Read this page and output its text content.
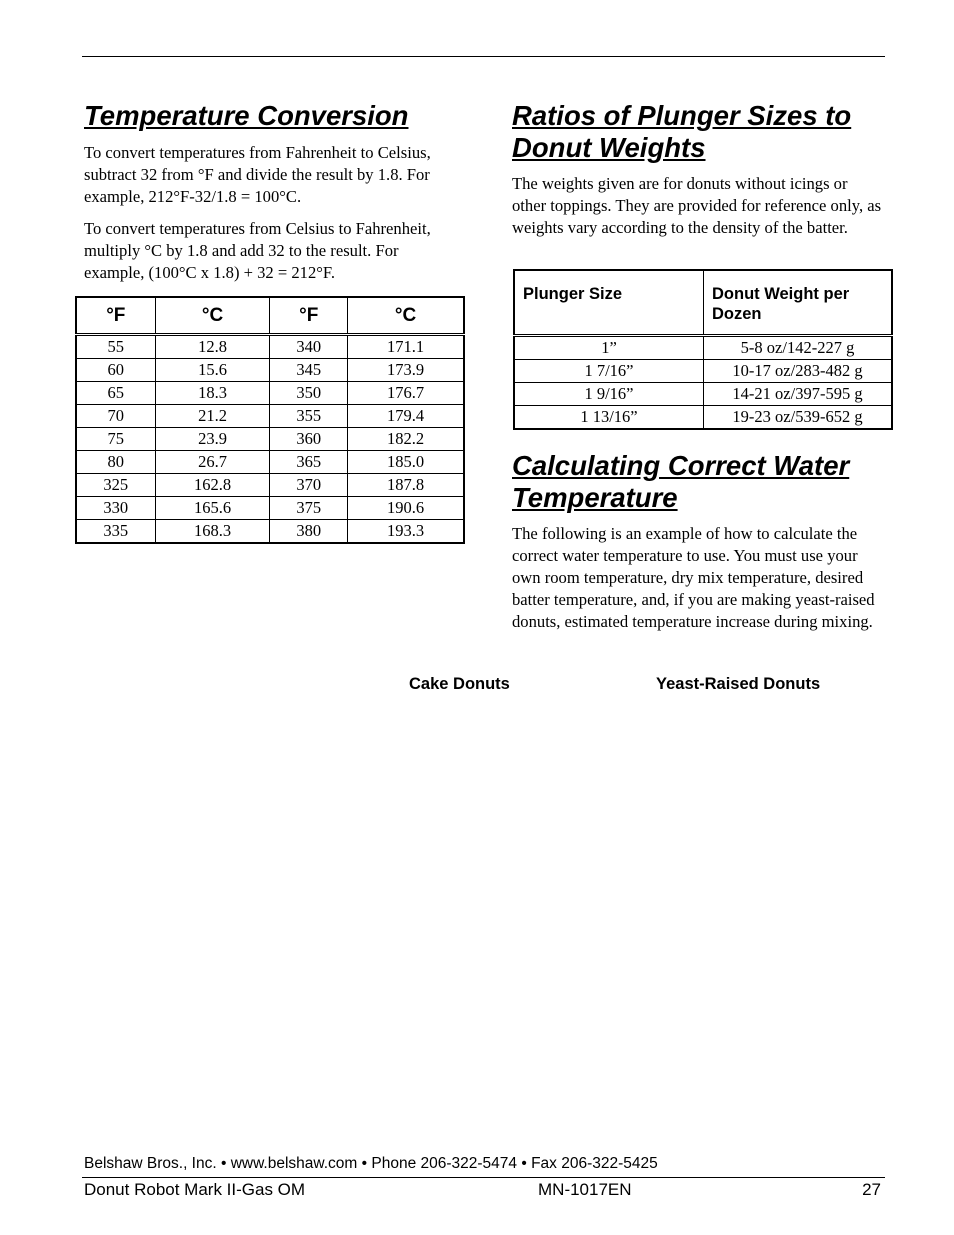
Temperature Conversion

To convert temperatures from Fahrenheit to Celsius, subtract 32 from °F and divide the result by 1.8. For example, 212°F-32/1.8 = 100°C.

To convert temperatures from Celsius to Fahrenheit, multiply °C by 1.8 and add 32 to the result. For example, (100°C x 1.8) + 32 = 212°F.

°F	°C	°F	°C
55	12.8	340	171.1
60	15.6	345	173.9
65	18.3	350	176.7
70	21.2	355	179.4
75	23.9	360	182.2
80	26.7	365	185.0
325	162.8	370	187.8
330	165.6	375	190.6
335	168.3	380	193.3
Ratios of Plunger Sizes to
Donut Weights

The weights given are for donuts without icings or other toppings. They are provided for reference only, as weights vary according to the density of the batter.

Plunger Size	Donut Weight per Dozen
1”	5-8 oz/142-227 g
1 7/16”	10-17 oz/283-482 g
1 9/16”	14-21 oz/397-595 g
1 13/16”	19-23 oz/539-652 g
Calculating Correct Water
Temperature

The following is an example of how to calculate the correct water temperature to use. You must use your own room temperature, dry mix temperature, desired batter temperature, and, if you are making yeast-raised donuts, estimated temperature increase during mixing.

Cake Donuts	Yeast-Raised Donuts
Belshaw Bros., Inc. • www.belshaw.com • Phone 206-322-5474 • Fax 206-322-5425
Donut Robot Mark II-Gas OM	MN-1017EN	27
